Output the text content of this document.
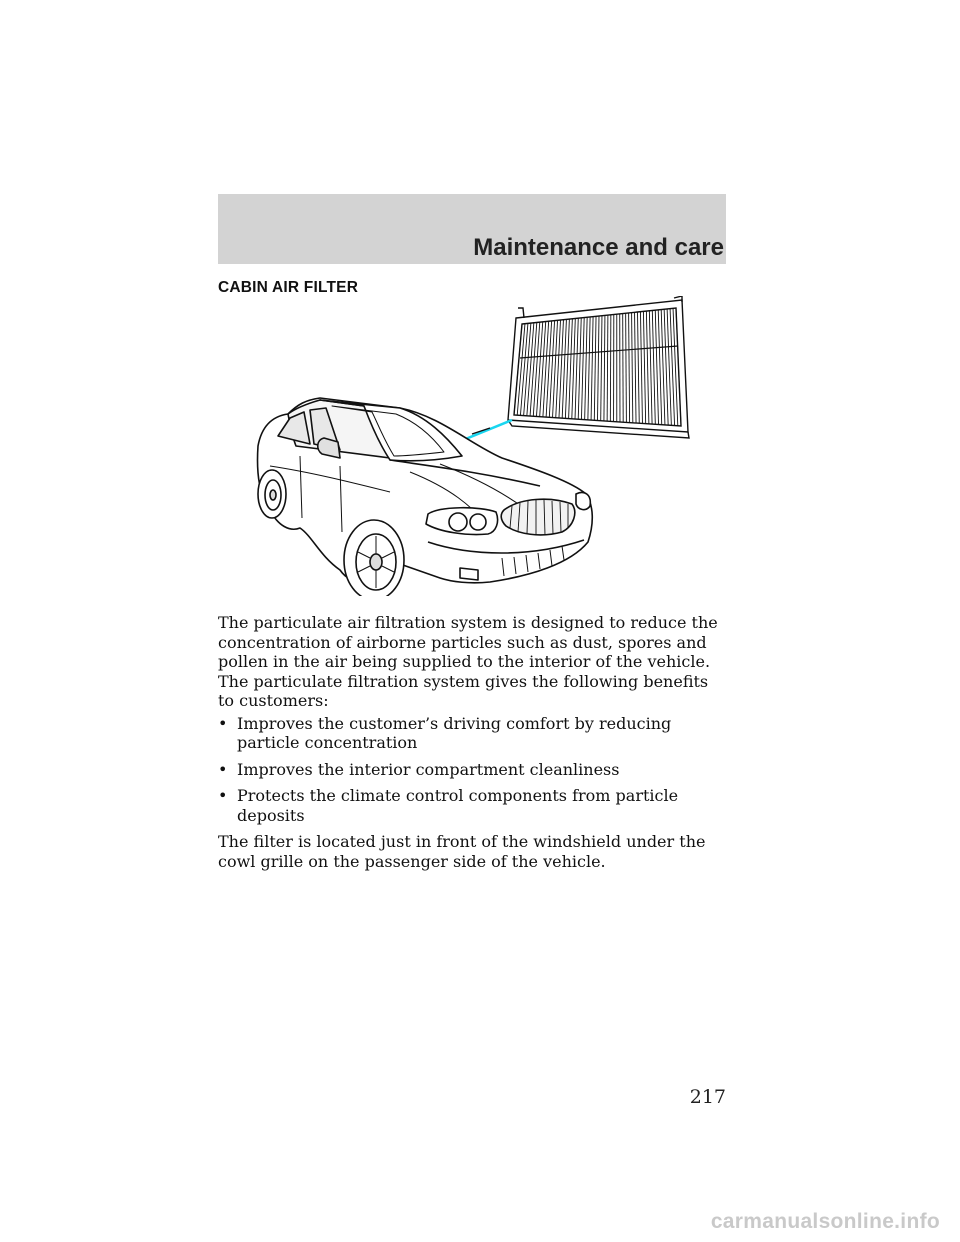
Maintenance and care
CABIN AIR FILTER

The particulate air filtration system is designed to reduce the concentration of airborne particles such as dust, spores and pollen in the air being supplied to the interior of the vehicle. The particulate filtration system gives the following benefits to customers:

• Improves the customer’s driving comfort by reducing particle concentration
• Improves the interior compartment cleanliness
• Protects the climate control components from particle deposits

The filter is located just in front of the windshield under the cowl grille on the passenger side of the vehicle.

217
carmanualsonline.info
